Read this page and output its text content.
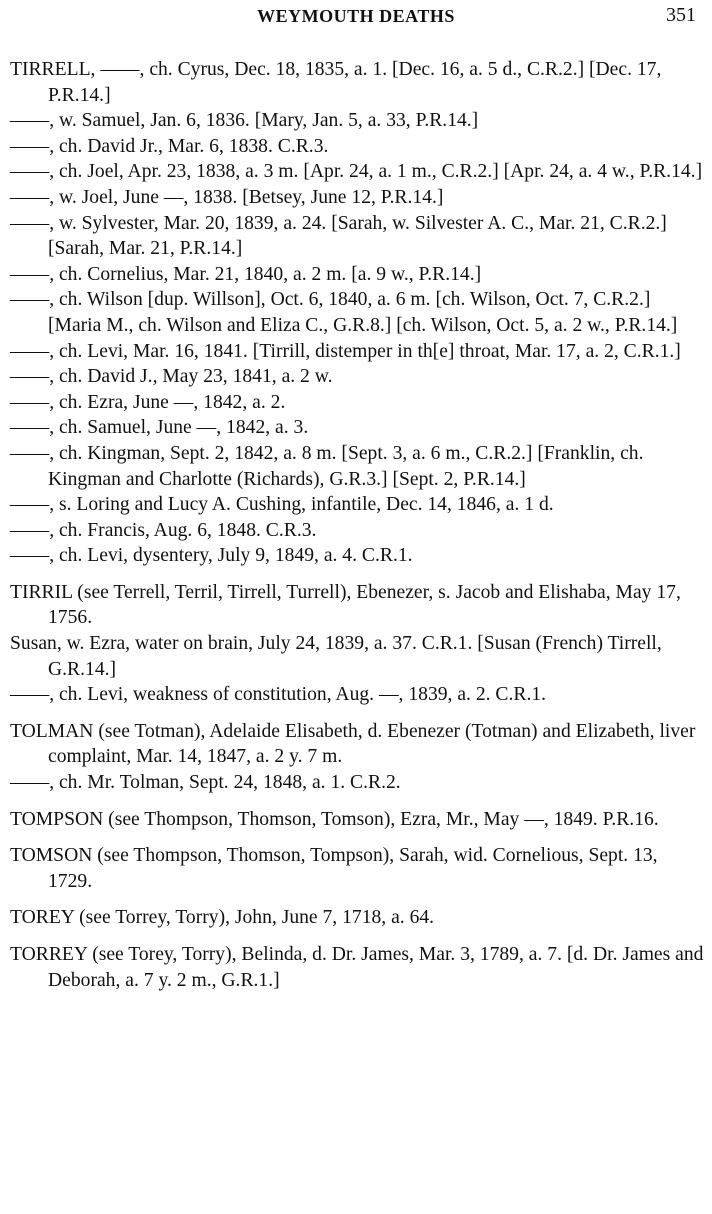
WEYMOUTH DEATHS	351

TIRRELL, ——, ch. Cyrus, Dec. 18, 1835, a. 1. [Dec. 16, a. 5 d., C.R.2.] [Dec. 17, P.R.14.]

——, w. Samuel, Jan. 6, 1836. [Mary, Jan. 5, a. 33, P.R.14.]

——, ch. David Jr., Mar. 6, 1838. C.R.3.

——, ch. Joel, Apr. 23, 1838, a. 3 m. [Apr. 24, a. 1 m., C.R.2.] [Apr. 24, a. 4 w., P.R.14.]

——, w. Joel, June —, 1838. [Betsey, June 12, P.R.14.]

——, w. Sylvester, Mar. 20, 1839, a. 24. [Sarah, w. Silvester A. C., Mar. 21, C.R.2.] [Sarah, Mar. 21, P.R.14.]

——, ch. Cornelius, Mar. 21, 1840, a. 2 m. [a. 9 w., P.R.14.]

——, ch. Wilson [dup. Willson], Oct. 6, 1840, a. 6 m. [ch. Wilson, Oct. 7, C.R.2.] [Maria M., ch. Wilson and Eliza C., G.R.8.] [ch. Wilson, Oct. 5, a. 2 w., P.R.14.]

——, ch. Levi, Mar. 16, 1841. [Tirrill, distemper in th[e] throat, Mar. 17, a. 2, C.R.1.]

——, ch. David J., May 23, 1841, a. 2 w.

——, ch. Ezra, June —, 1842, a. 2.

——, ch. Samuel, June —, 1842, a. 3.

——, ch. Kingman, Sept. 2, 1842, a. 8 m. [Sept. 3, a. 6 m., C.R.2.] [Franklin, ch. Kingman and Charlotte (Richards), G.R.3.] [Sept. 2, P.R.14.]

——, s. Loring and Lucy A. Cushing, infantile, Dec. 14, 1846, a. 1 d.

——, ch. Francis, Aug. 6, 1848. C.R.3.

——, ch. Levi, dysentery, July 9, 1849, a. 4. C.R.1.

TIRRIL (see Terrell, Terril, Tirrell, Turrell), Ebenezer, s. Jacob and Elishaba, May 17, 1756.

Susan, w. Ezra, water on brain, July 24, 1839, a. 37. C.R.1. [Susan (French) Tirrell, G.R.14.]

——, ch. Levi, weakness of constitution, Aug. —, 1839, a. 2. C.R.1.

TOLMAN (see Totman), Adelaide Elisabeth, d. Ebenezer (Totman) and Elizabeth, liver complaint, Mar. 14, 1847, a. 2 y. 7 m.

——, ch. Mr. Tolman, Sept. 24, 1848, a. 1. C.R.2.

TOMPSON (see Thompson, Thomson, Tomson), Ezra, Mr., May —, 1849. P.R.16.

TOMSON (see Thompson, Thomson, Tompson), Sarah, wid. Cornelious, Sept. 13, 1729.

TOREY (see Torrey, Torry), John, June 7, 1718, a. 64.

TORREY (see Torey, Torry), Belinda, d. Dr. James, Mar. 3, 1789, a. 7. [d. Dr. James and Deborah, a. 7 y. 2 m., G.R.1.]
